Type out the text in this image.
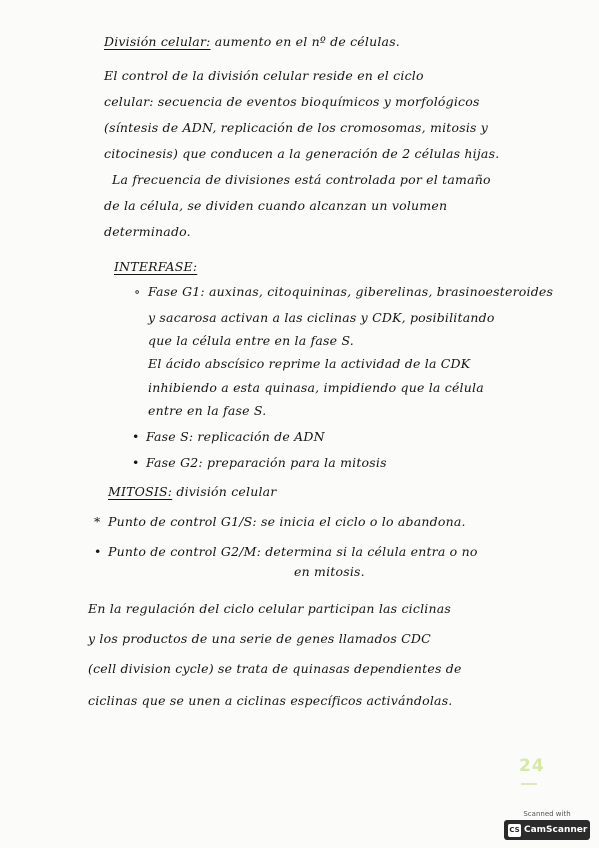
División celular: aumento en el nº de células.
El control de la división celular reside en el ciclo
celular: secuencia de eventos bioquímicos y morfológicos
(síntesis de ADN, replicación de los cromosomas, mitosis y
citocinesis) que conducen a la generación de 2 células hijas.
La frecuencia de divisiones está controlada por el tamaño
de la célula, se dividen cuando alcanzan un volumen
determinado.
INTERFASE:
∘ Fase G1: auxinas, citoquininas, giberelinas, brasinoesteroides
y sacarosa activan a las ciclinas y CDK, posibilitando
que la célula entre en la fase S.
El ácido abscísico reprime la actividad de la CDK
inhibiendo a esta quinasa, impidiendo que la célula
entre en la fase S.
• Fase S: replicación de ADN
• Fase G2: preparación para la mitosis
MITOSIS: división celular
* Punto de control G1/S: se inicia el ciclo o lo abandona.
• Punto de control G2/M: determina si la célula entra o no
en mitosis.
En la regulación del ciclo celular participan las ciclinas
y los productos de una serie de genes llamados CDC
(cell division cycle) se trata de quinasas dependientes de
ciclinas que se unen a ciclinas específicos activándolas.
24
Scanned with
CS CamScanner
